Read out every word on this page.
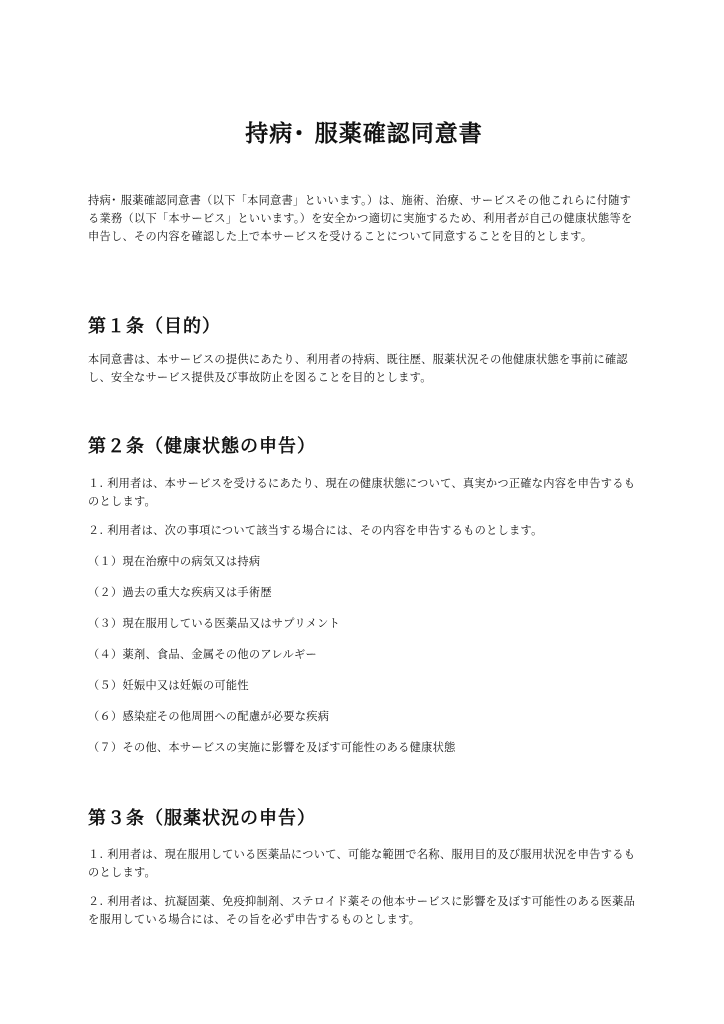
持病･ 服薬確認同意書

持病･ 服薬確認同意書（以下「本同意書」といいます。）は、施術、治療、サービスその他これらに付随する業務（以下「本サービス」といいます。）を安全かつ適切に実施するため、利用者が自己の健康状態等を申告し、その内容を確認した上で本サービスを受けることについて同意することを目的とします。

第１条（目的）

本同意書は、本サービスの提供にあたり、利用者の持病、既往歴、服薬状況その他健康状態を事前に確認し、安全なサービス提供及び事故防止を図ることを目的とします。

第２条（健康状態の申告）

１. 利用者は、本サービスを受けるにあたり、現在の健康状態について、真実かつ正確な内容を申告するものとします。

２. 利用者は、次の事項について該当する場合には、その内容を申告するものとします。

（１）現在治療中の病気又は持病

（２）過去の重大な疾病又は手術歴

（３）現在服用している医薬品又はサプリメント

（４）薬剤、食品、金属その他のアレルギー

（５）妊娠中又は妊娠の可能性

（６）感染症その他周囲への配慮が必要な疾病

（７）その他、本サービスの実施に影響を及ぼす可能性のある健康状態

第３条（服薬状況の申告）

１. 利用者は、現在服用している医薬品について、可能な範囲で名称、服用目的及び服用状況を申告するものとします。

２. 利用者は、抗凝固薬、免疫抑制剤、ステロイド薬その他本サービスに影響を及ぼす可能性のある医薬品を服用している場合には、その旨を必ず申告するものとします。
